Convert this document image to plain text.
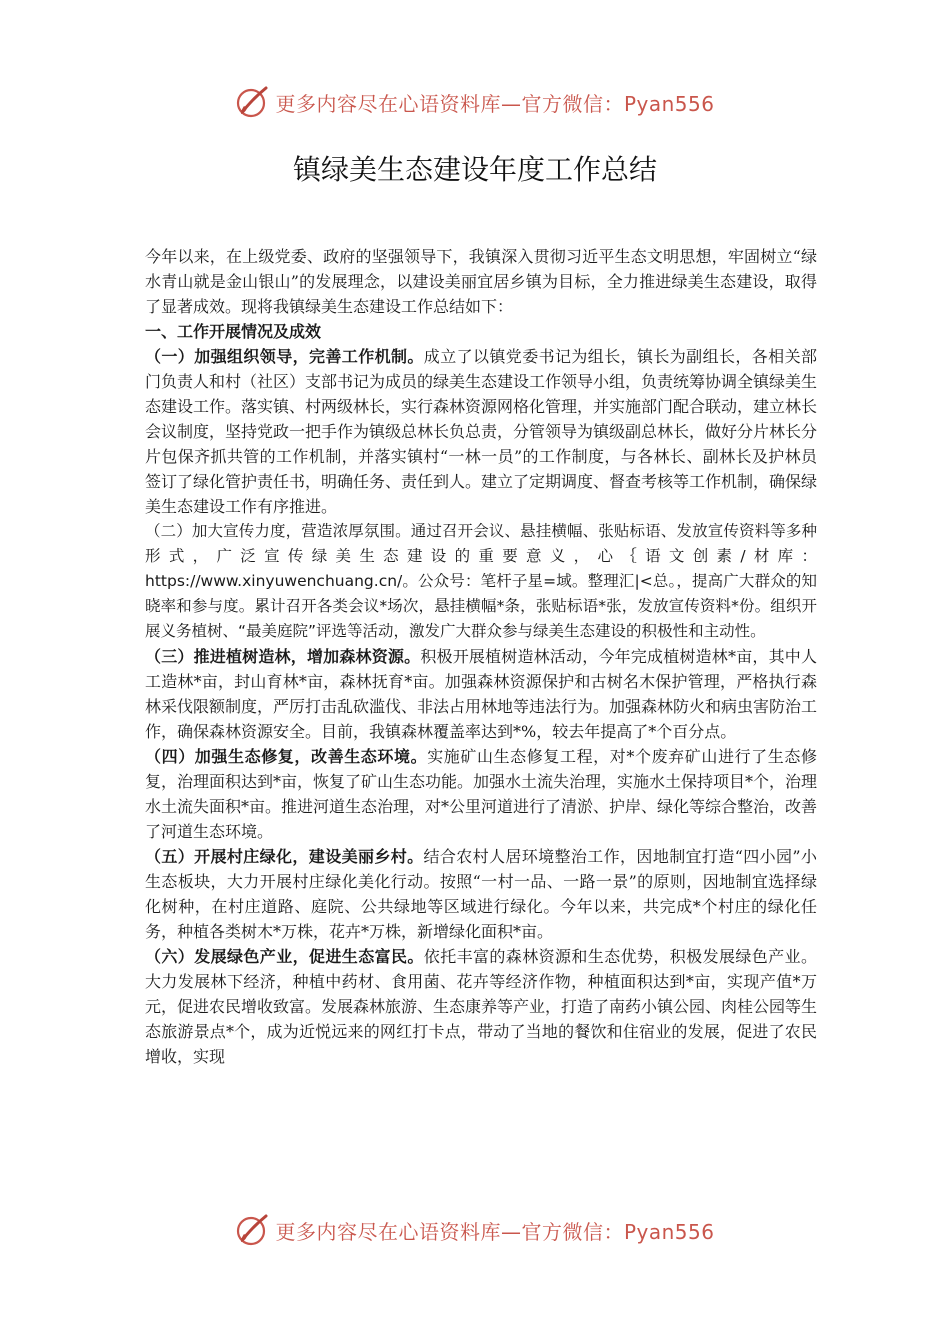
更多内容尽在心语资料库—官方微信：Pyan556
镇绿美生态建设年度工作总结

今年以来，在上级党委、政府的坚强领导下，我镇深入贯彻习近平生态文明思想，牢固树立“绿水青山就是金山银山”的发展理念，以建设美丽宜居乡镇为目标，全力推进绿美生态建设，取得了显著成效。现将我镇绿美生态建设工作总结如下：

一、工作开展情况及成效

（一）加强组织领导，完善工作机制。成立了以镇党委书记为组长，镇长为副组长，各相关部门负责人和村（社区）支部书记为成员的绿美生态建设工作领导小组，负责统筹协调全镇绿美生态建设工作。落实镇、村两级林长，实行森林资源网格化管理，并实施部门配合联动，建立林长会议制度，坚持党政一把手作为镇级总林长负总责，分管领导为镇级副总林长，做好分片林长分片包保齐抓共管的工作机制，并落实镇村“一林一员”的工作制度，与各林长、副林长及护林员签订了绿化管护责任书，明确任务、责任到人。建立了定期调度、督查考核等工作机制，确保绿美生态建设工作有序推进。

（二）加大宣传力度，营造浓厚氛围。通过召开会议、悬挂横幅、张贴标语、发放宣传资料等多种形式，广泛宣传绿美生态建设的重要意义，心｛语文创素/材库：https://www.xinyuwenchuang.cn/。公众号：笔杆子星=域。整理汇|<总。，提高广大群众的知晓率和参与度。累计召开各类会议*场次，悬挂横幅*条，张贴标语*张，发放宣传资料*份。组织开展义务植树、“最美庭院”评选等活动，激发广大群众参与绿美生态建设的积极性和主动性。

（三）推进植树造林，增加森林资源。积极开展植树造林活动，今年完成植树造林*亩，其中人工造林*亩，封山育林*亩，森林抚育*亩。加强森林资源保护和古树名木保护管理，严格执行森林采伐限额制度，严厉打击乱砍滥伐、非法占用林地等违法行为。加强森林防火和病虫害防治工作，确保森林资源安全。目前，我镇森林覆盖率达到*%，较去年提高了*个百分点。

（四）加强生态修复，改善生态环境。实施矿山生态修复工程，对*个废弃矿山进行了生态修复，治理面积达到*亩，恢复了矿山生态功能。加强水土流失治理，实施水土保持项目*个，治理水土流失面积*亩。推进河道生态治理，对*公里河道进行了清淤、护岸、绿化等综合整治，改善了河道生态环境。

（五）开展村庄绿化，建设美丽乡村。结合农村人居环境整治工作，因地制宜打造“四小园”小生态板块，大力开展村庄绿化美化行动。按照“一村一品、一路一景”的原则，因地制宜选择绿化树种，在村庄道路、庭院、公共绿地等区域进行绿化。今年以来，共完成*个村庄的绿化任务，种植各类树木*万株，花卉*万株，新增绿化面积*亩。

（六）发展绿色产业，促进生态富民。依托丰富的森林资源和生态优势，积极发展绿色产业。大力发展林下经济，种植中药材、食用菌、花卉等经济作物，种植面积达到*亩，实现产值*万元，促进农民增收致富。发展森林旅游、生态康养等产业，打造了南药小镇公园、肉桂公园等生态旅游景点*个，成为近悦远来的网红打卡点，带动了当地的餐饮和住宿业的发展，促进了农民增收，实现

更多内容尽在心语资料库—官方微信：Pyan556
